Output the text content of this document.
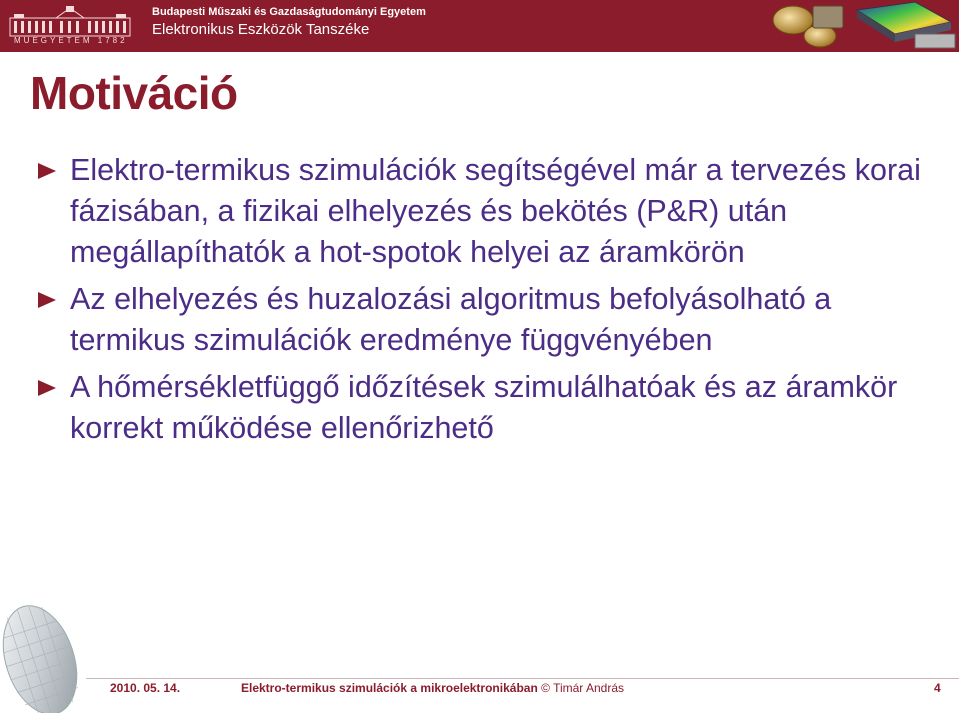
MŰEGYETEM 1782
Budapesti Műszaki és Gazdaságtudományi Egyetem
Elektronikus Eszközök Tanszéke
Motiváció
Elektro-termikus szimulációk segítségével már a tervezés korai fázisában, a fizikai elhelyezés és bekötés (P&R) után megállapíthatók a hot-spotok helyei az áramkörön
Az elhelyezés és huzalozási algoritmus befolyásolható a termikus szimulációk eredménye függvényében
A hőmérsékletfüggő időzítések szimulálhatóak és az áramkör korrekt működése ellenőrizhető
2010. 05. 14.	Elektro-termikus szimulációk a mikroelektronikában © Timár András	4
